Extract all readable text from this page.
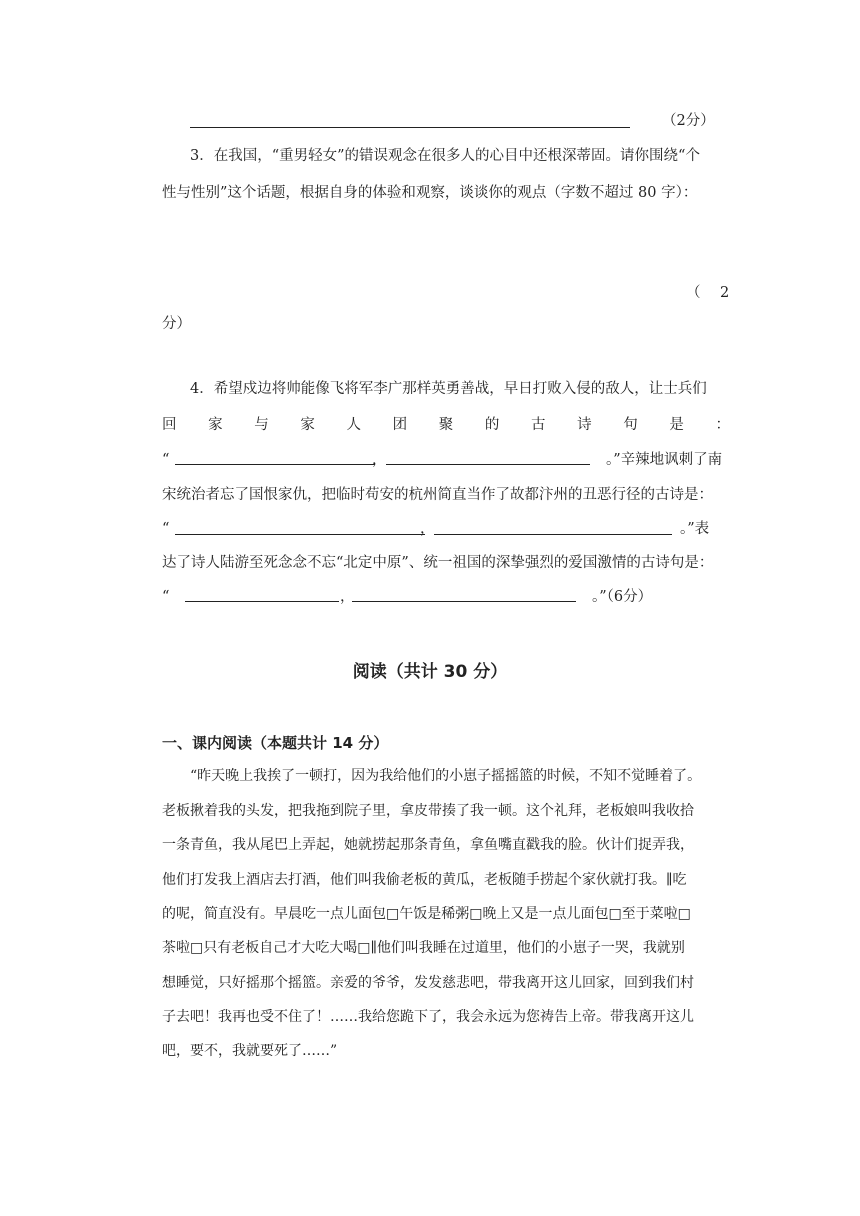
（2分）
3．在我国，“重男轻女”的错误观念在很多人的心目中还根深蒂固。请你围绕“个
性与性别”这个话题，根据自身的体验和观察，谈谈你的观点（字数不超过 80 字）：
（ 2
分）
4．希望戍边将帅能像飞将军李广那样英勇善战，早日打败入侵的敌人，让士兵们
回 家 与 家 人 团 聚 的 古 诗 句 是 ：
“	，	。”辛辣地讽刺了南
宋统治者忘了国恨家仇，把临时苟安的杭州简直当作了故都汴州的丑恶行径的古诗是：
“	，	。”表
达了诗人陆游至死念念不忘“北定中原”、统一祖国的深挚强烈的爱国激情的古诗句是：
“	，	。”（6分）
阅读（共计 30 分）
一、课内阅读（本题共计 14 分）
“昨天晚上我挨了一顿打，因为我给他们的小崽子摇摇篮的时候，不知不觉睡着了。
老板揪着我的头发，把我拖到院子里，拿皮带揍了我一顿。这个礼拜，老板娘叫我收拾
一条青鱼，我从尾巴上弄起，她就捞起那条青鱼，拿鱼嘴直戳我的脸。伙计们捉弄我，
他们打发我上酒店去打酒，他们叫我偷老板的黄瓜，老板随手捞起个家伙就打我。∥吃
的呢，简直没有。早晨吃一点儿面包□午饭是稀粥□晚上又是一点儿面包□至于菜啦□
茶啦□只有老板自己才大吃大喝□∥他们叫我睡在过道里，他们的小崽子一哭，我就别
想睡觉，只好摇那个摇篮。亲爱的爷爷，发发慈悲吧，带我离开这儿回家，回到我们村
子去吧！我再也受不住了！……我给您跪下了，我会永远为您祷告上帝。带我离开这儿
吧，要不，我就要死了……”
